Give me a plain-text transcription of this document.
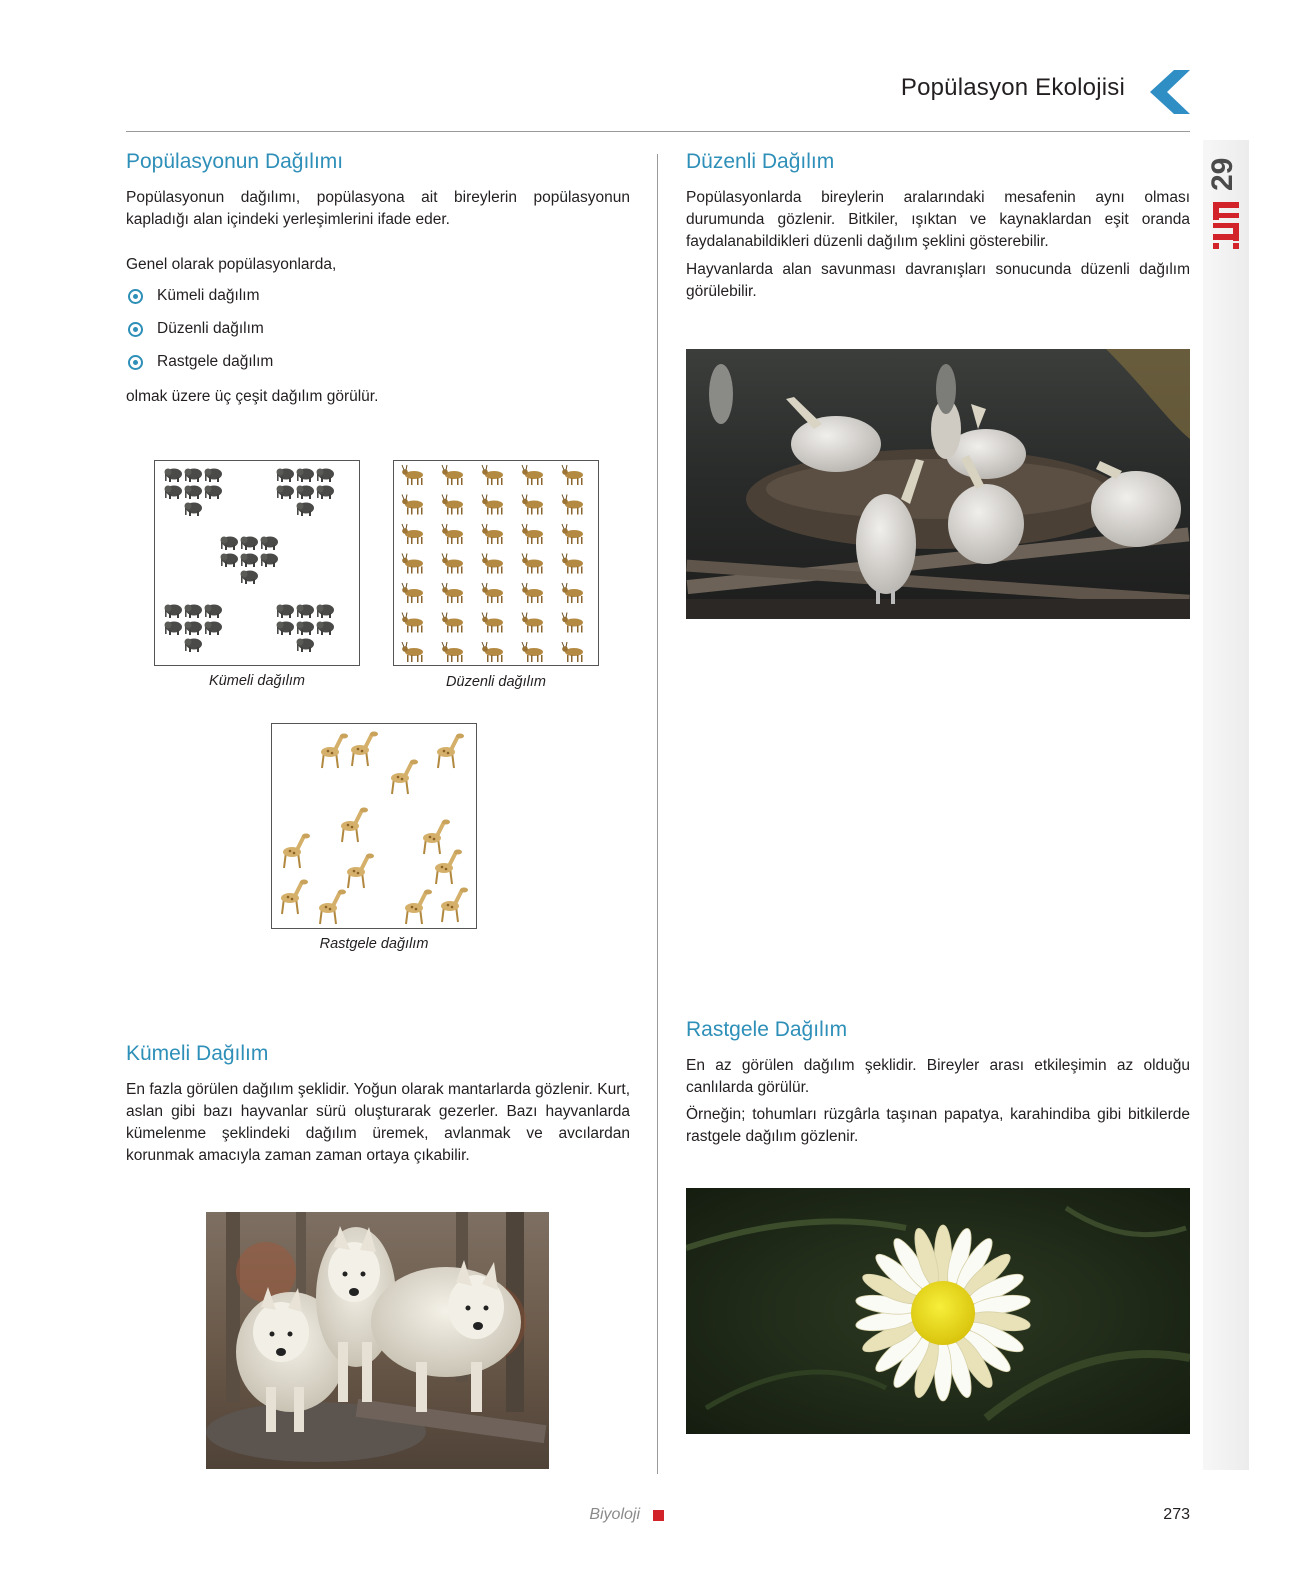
Popülasyon Ekolojisi
29
Popülasyonun Dağılımı

Popülasyonun dağılımı, popülasyona ait bireylerin popülasyonun kapladığı alan içindeki yerleşimlerini ifade eder.

Genel olarak popülasyonlarda,

Kümeli dağılım
Düzenli dağılım
Rastgele dağılım

olmak üzere üç çeşit dağılım görülür.

Kümeli dağılım	Düzenli dağılım
Rastgele dağılım
Kümeli Dağılım

En fazla görülen dağılım şeklidir. Yoğun olarak mantarlarda gözlenir. Kurt, aslan gibi bazı hayvanlar sürü oluşturarak gezerler. Bazı hayvanlarda kümelenme şeklindeki dağılım üremek, avlanmak ve avcılardan korunmak amacıyla zaman zaman ortaya çıkabilir.

Düzenli Dağılım

Popülasyonlarda bireylerin aralarındaki mesafenin aynı olması durumunda gözlenir. Bitkiler, ışıktan ve kaynaklardan eşit oranda faydalanabildikleri düzenli dağılım şeklini gösterebilir.

Hayvanlarda alan savunması davranışları sonucunda düzenli dağılım görülebilir.

Rastgele Dağılım

En az görülen dağılım şeklidir. Bireyler arası etkileşimin az olduğu canlılarda görülür.

Örneğin; tohumları rüzgârla taşınan papatya, karahindiba gibi bitkilerde rastgele dağılım gözlenir.

Biyoloji	273
